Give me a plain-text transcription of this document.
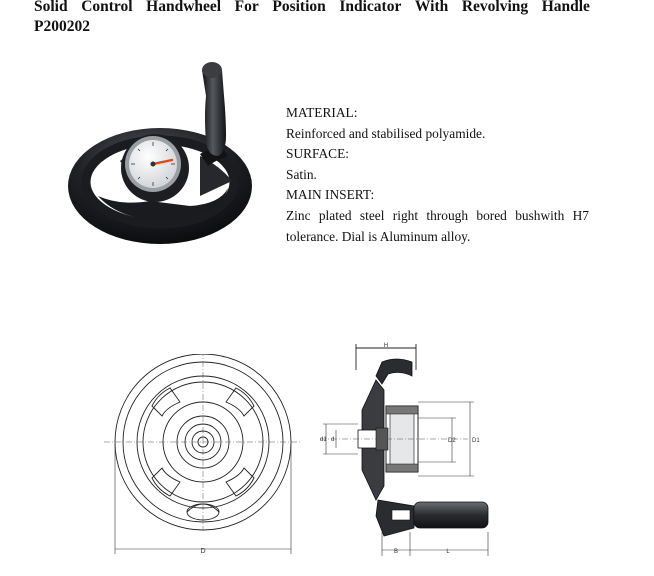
Solid Control Handwheel For Position Indicator With Revolving Handle
P200202

MATERIAL:

Reinforced and stabilised polyamide.

SURFACE:

Satin.

MAIN INSERT:

Zinc plated steel right through bored bushwith H7

tolerance. Dial is Aluminum alloy.

D
H
D2	D1
d1 d
B	L
